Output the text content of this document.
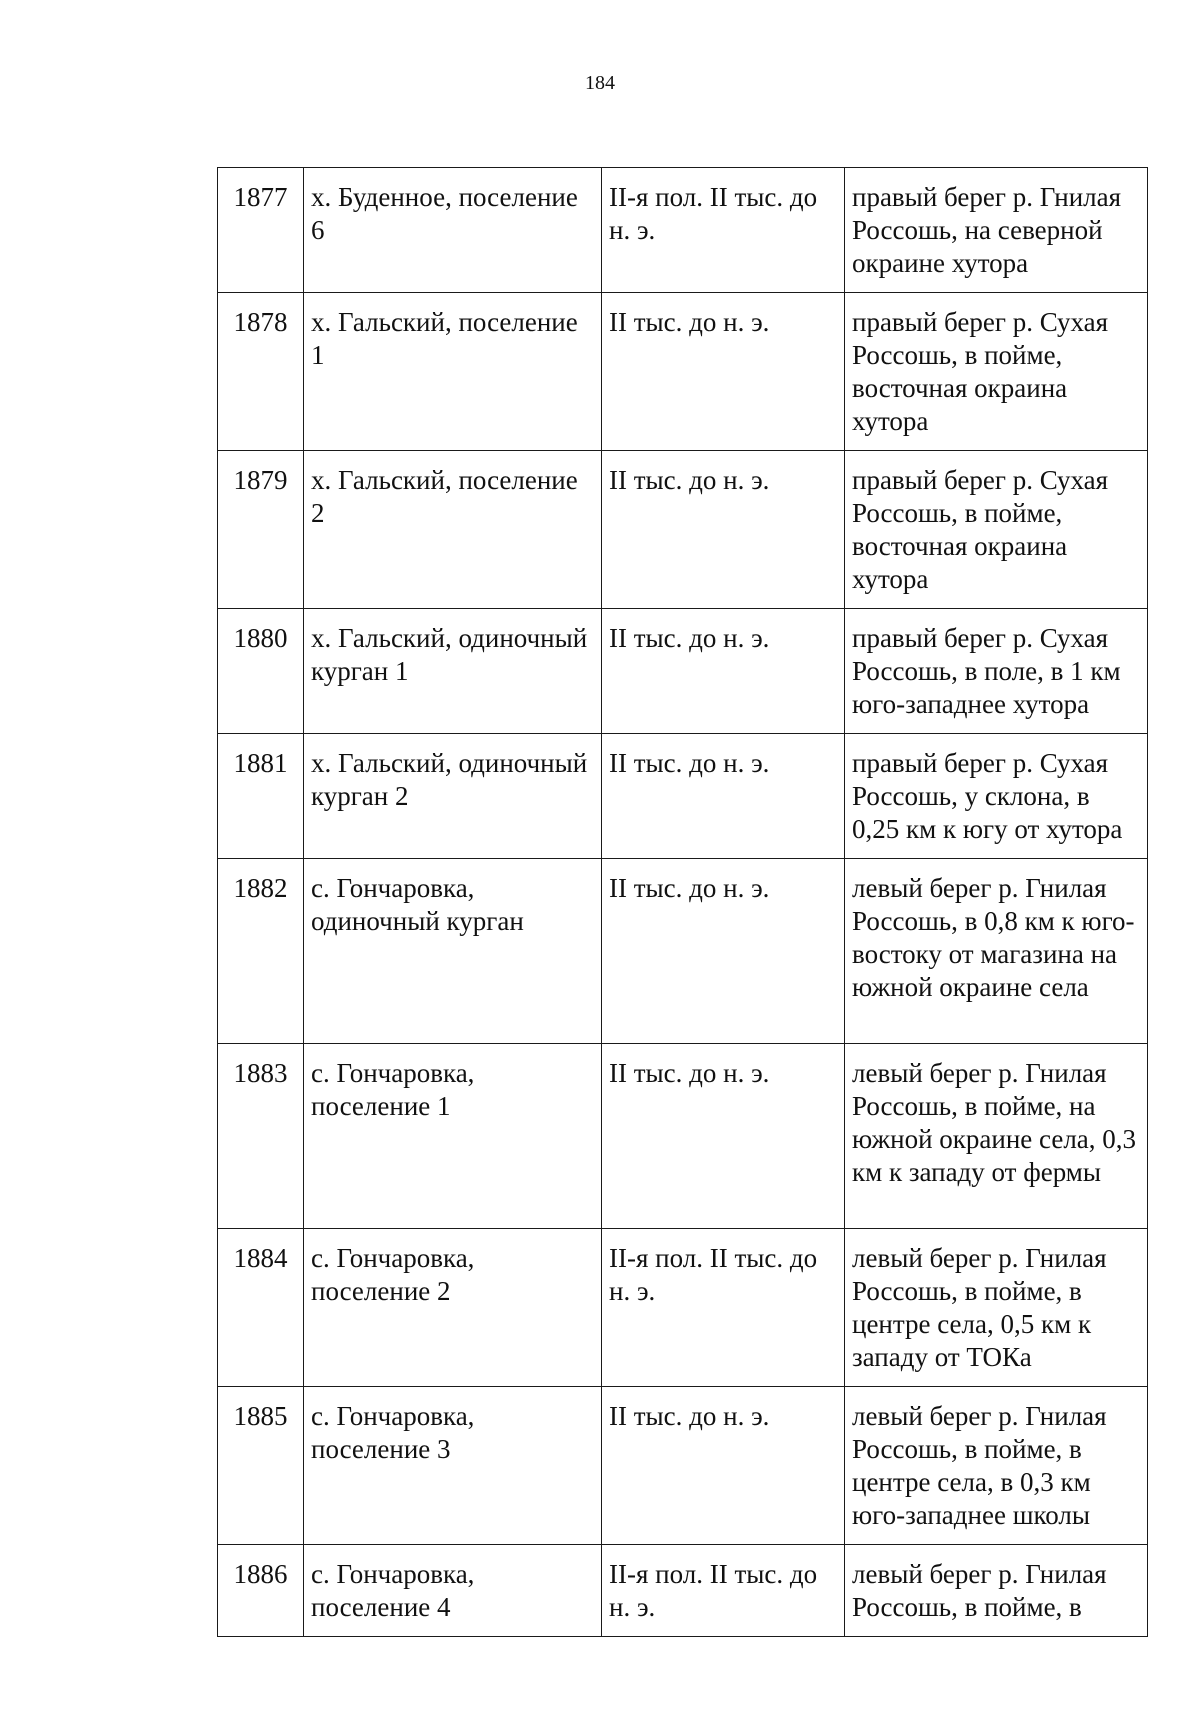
184
1877	х. Буденное, поселение 6	II-я пол. II тыс. до н. э.	правый берег р. Гнилая Россошь, на северной окраине хутора
1878	х. Гальский, поселение 1	II тыс. до н. э.	правый берег р. Сухая Россошь, в пойме, восточная окраина хутора
1879	х. Гальский, поселение 2	II тыс. до н. э.	правый берег р. Сухая Россошь, в пойме, восточная окраина хутора
1880	х. Гальский, одиночный курган 1	II тыс. до н. э.	правый берег р. Сухая Россошь, в поле, в 1 км юго-западнее хутора
1881	х. Гальский, одиночный курган 2	II тыс. до н. э.	правый берег р. Сухая Россошь, у склона, в 0,25 км к югу от хутора
1882	с. Гончаровка, одиночный курган	II тыс. до н. э.	левый берег р. Гнилая Россошь, в 0,8 км к юго-востоку от магазина на южной окраине села
1883	с. Гончаровка, поселение 1	II тыс. до н. э.	левый берег р. Гнилая Россошь, в пойме, на южной окраине села, 0,3 км к западу от фермы
1884	с. Гончаровка, поселение 2	II-я пол. II тыс. до н. э.	левый берег р. Гнилая Россошь, в пойме, в центре села, 0,5 км к западу от ТОКа
1885	с. Гончаровка, поселение 3	II тыс. до н. э.	левый берег р. Гнилая Россошь, в пойме, в центре села, в 0,3 км юго-западнее школы
1886	с. Гончаровка, поселение 4	II-я пол. II тыс. до н. э.	левый берег р. Гнилая Россошь, в пойме, в
